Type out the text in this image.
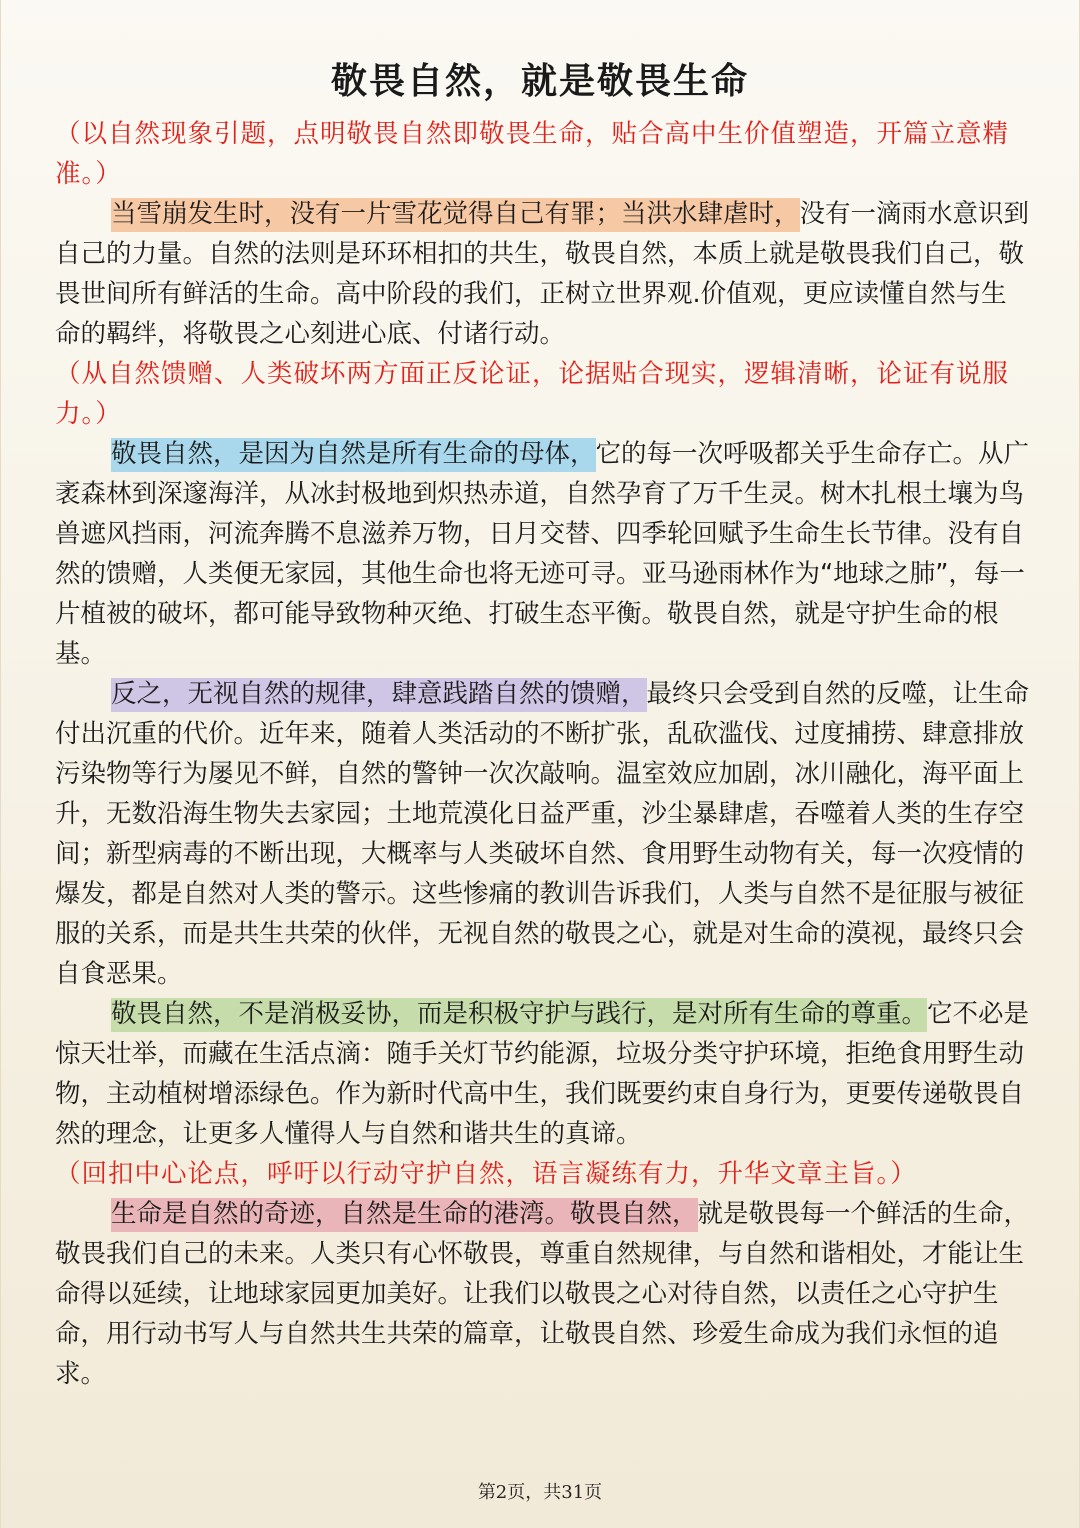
敬畏自然，就是敬畏生命

（以自然现象引题，点明敬畏自然即敬畏生命，贴合高中生价值塑造，开篇立意精准。）

当雪崩发生时，没有一片雪花觉得自己有罪；当洪水肆虐时，没有一滴雨水意识到自己的力量。自然的法则是环环相扣的共生，敬畏自然，本质上就是敬畏我们自己，敬畏世间所有鲜活的生命。高中阶段的我们，正树立世界观.价值观，更应读懂自然与生命的羁绊，将敬畏之心刻进心底、付诸行动。

（从自然馈赠、人类破坏两方面正反论证，论据贴合现实，逻辑清晰，论证有说服力。）

敬畏自然，是因为自然是所有生命的母体，它的每一次呼吸都关乎生命存亡。从广袤森林到深邃海洋，从冰封极地到炽热赤道，自然孕育了万千生灵。树木扎根土壤为鸟兽遮风挡雨，河流奔腾不息滋养万物，日月交替、四季轮回赋予生命生长节律。没有自然的馈赠，人类便无家园，其他生命也将无迹可寻。亚马逊雨林作为“地球之肺”，每一片植被的破坏，都可能导致物种灭绝、打破生态平衡。敬畏自然，就是守护生命的根基。

反之，无视自然的规律，肆意践踏自然的馈赠，最终只会受到自然的反噬，让生命付出沉重的代价。近年来，随着人类活动的不断扩张，乱砍滥伐、过度捕捞、肆意排放污染物等行为屡见不鲜，自然的警钟一次次敲响。温室效应加剧，冰川融化，海平面上升，无数沿海生物失去家园；土地荒漠化日益严重，沙尘暴肆虐，吞噬着人类的生存空间；新型病毒的不断出现，大概率与人类破坏自然、食用野生动物有关，每一次疫情的爆发，都是自然对人类的警示。这些惨痛的教训告诉我们，人类与自然不是征服与被征服的关系，而是共生共荣的伙伴，无视自然的敬畏之心，就是对生命的漠视，最终只会自食恶果。

敬畏自然，不是消极妥协，而是积极守护与践行，是对所有生命的尊重。它不必是惊天壮举，而藏在生活点滴：随手关灯节约能源，垃圾分类守护环境，拒绝食用野生动物，主动植树增添绿色。作为新时代高中生，我们既要约束自身行为，更要传递敬畏自然的理念，让更多人懂得人与自然和谐共生的真谛。

（回扣中心论点，呼吁以行动守护自然，语言凝练有力，升华文章主旨。）

生命是自然的奇迹，自然是生命的港湾。敬畏自然，就是敬畏每一个鲜活的生命，敬畏我们自己的未来。人类只有心怀敬畏，尊重自然规律，与自然和谐相处，才能让生命得以延续，让地球家园更加美好。让我们以敬畏之心对待自然，以责任之心守护生命，用行动书写人与自然共生共荣的篇章，让敬畏自然、珍爱生命成为我们永恒的追求。

第2页，共31页
